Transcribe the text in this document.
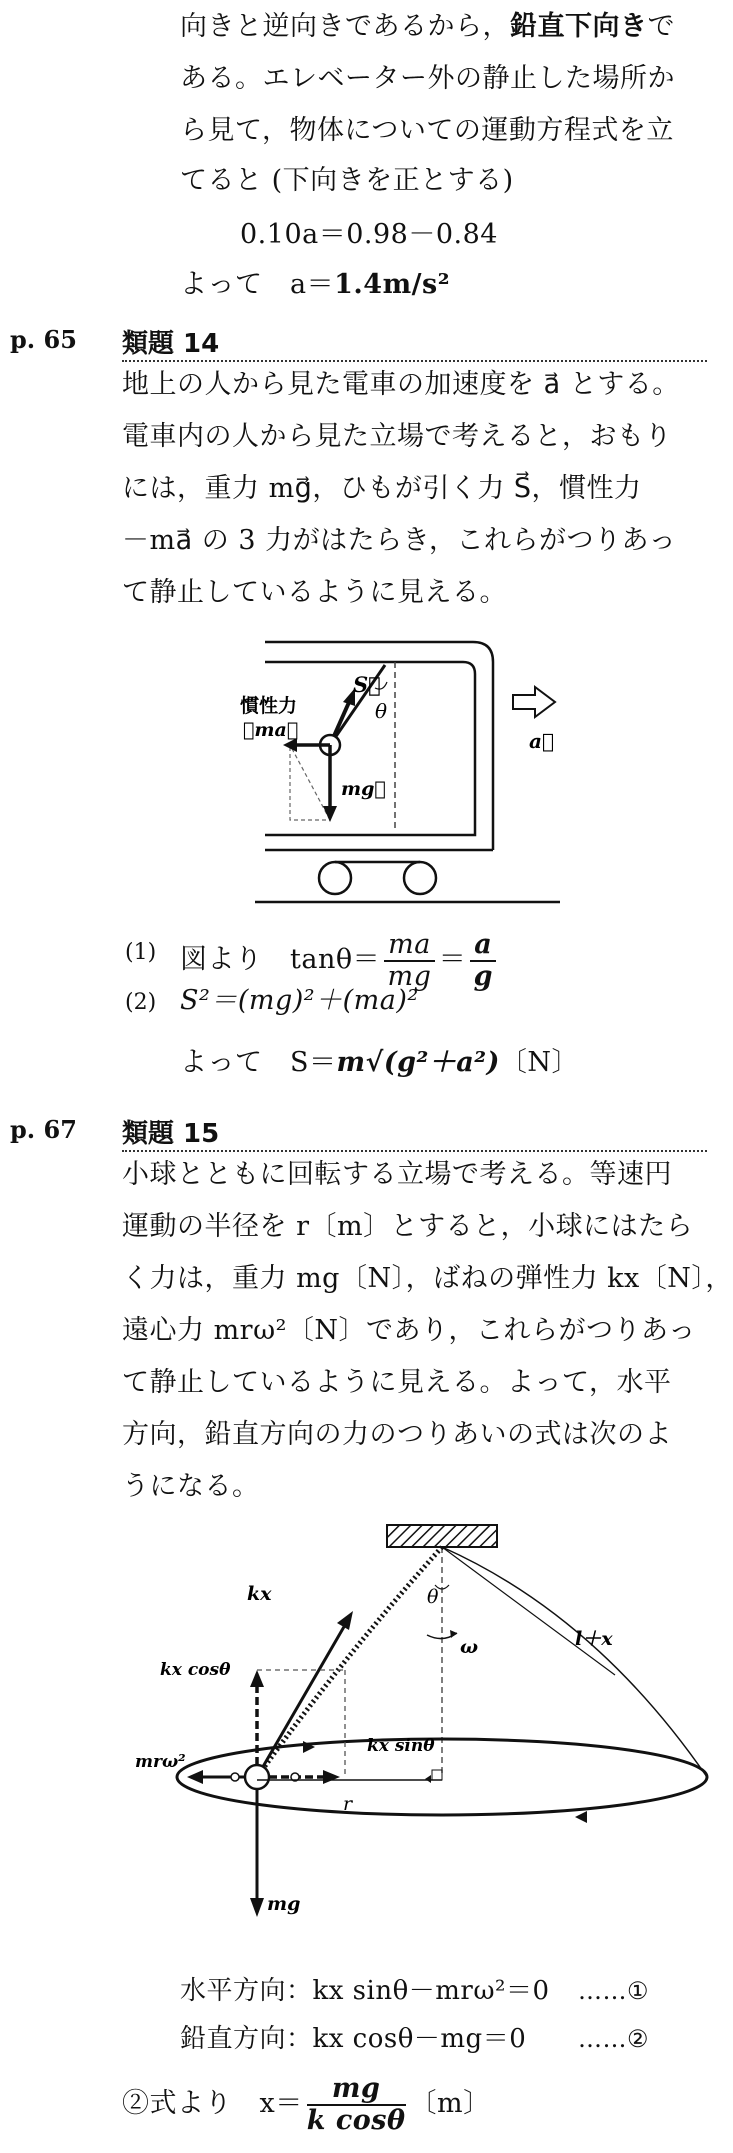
向きと逆向きであるから，鉛直下向きで
ある。エレベーター外の静止した場所か
ら見て，物体についての運動方程式を立
てると (下向きを正とする)
0.10a＝0.98－0.84
よって　a＝1.4m/s²
p. 65 類題 14
地上の人から見た電車の加速度を a⃗ とする。
電車内の人から見た立場で考えると，おもり
には，重力 mg⃗，ひもが引く力 S⃗，慣性力
－ma⃗ の 3 力がはたらき，これらがつりあっ
て静止しているように見える。
S⃗
θ
慣性力
－ma⃗
mg⃗
a⃗
(1) 図より　$\tan\theta= \frac{ma}{mg} = \frac{a}{g}$
(2) S²＝(mg)²＋(ma)²
よって　S＝m√(g²＋a²)〔N〕
p. 67 類題 15
小球とともに回転する立場で考える。等速円
運動の半径を r〔m〕とすると，小球にはたら
く力は，重力 mg〔N〕，ばねの弾性力 kx〔N〕，
遠心力 mrω²〔N〕であり，これらがつりあっ
て静止しているように見える。よって，水平
方向，鉛直方向の力のつりあいの式は次のよ
うになる。
kx
kx cosθ
θ
ω	l＋x
kx sinθ
mrω²
r
mg
水平方向：kx sinθ－mrω²＝0 ……①
鉛直方向：kx cosθ－mg＝0 ……②
②式より　$x= \frac{mg}{\text{k cosθ}}$ 〔m〕
